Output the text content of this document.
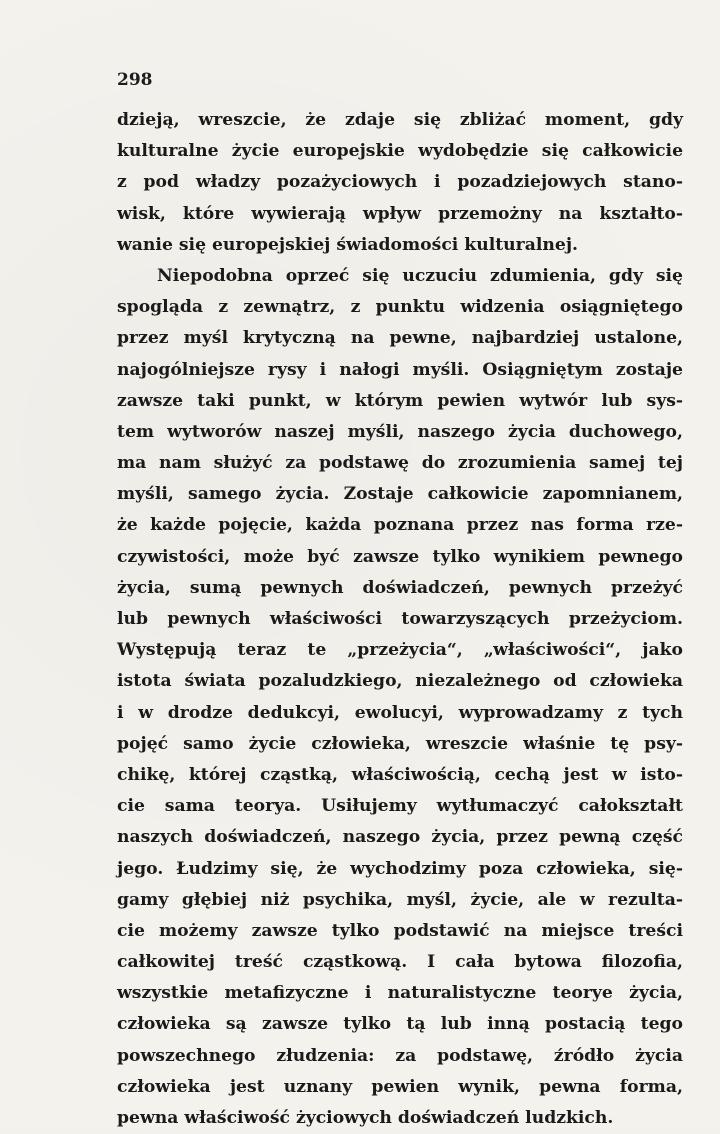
298
dzieją, wreszcie, że zdaje się zbliżać moment, gdy
kulturalne życie europejskie wydobędzie się całkowicie
z pod władzy pozażyciowych i pozadziejowych stano-
wisk, które wywierają wpływ przemożny na kształto-
wanie się europejskiej świadomości kulturalnej.
Niepodobna oprzeć się uczuciu zdumienia, gdy się
spogląda z zewnątrz, z punktu widzenia osiągniętego
przez myśl krytyczną na pewne, najbardziej ustalone,
najogólniejsze rysy i nałogi myśli. Osiągniętym zostaje
zawsze taki punkt, w którym pewien wytwór lub sys-
tem wytworów naszej myśli, naszego życia duchowego,
ma nam służyć za podstawę do zrozumienia samej tej
myśli, samego życia. Zostaje całkowicie zapomnianem,
że każde pojęcie, każda poznana przez nas forma rze-
czywistości, może być zawsze tylko wynikiem pewnego
życia, sumą pewnych doświadczeń, pewnych przeżyć
lub pewnych właściwości towarzyszących przeżyciom.
Występują teraz te „przeżycia“, „właściwości“, jako
istota świata pozaludzkiego, niezależnego od człowieka
i w drodze dedukcyi, ewolucyi, wyprowadzamy z tych
pojęć samo życie człowieka, wreszcie właśnie tę psy-
chikę, której cząstką, właściwością, cechą jest w isto-
cie sama teorya. Usiłujemy wytłumaczyć całokształt
naszych doświadczeń, naszego życia, przez pewną część
jego. Łudzimy się, że wychodzimy poza człowieka, się-
gamy głębiej niż psychika, myśl, życie, ale w rezulta-
cie możemy zawsze tylko podstawić na miejsce treści
całkowitej treść cząstkową. I cała bytowa filozofia,
wszystkie metafizyczne i naturalistyczne teorye życia,
człowieka są zawsze tylko tą lub inną postacią tego
powszechnego złudzenia: za podstawę, źródło życia
człowieka jest uznany pewien wynik, pewna forma,
pewna właściwość życiowych doświadczeń ludzkich.
